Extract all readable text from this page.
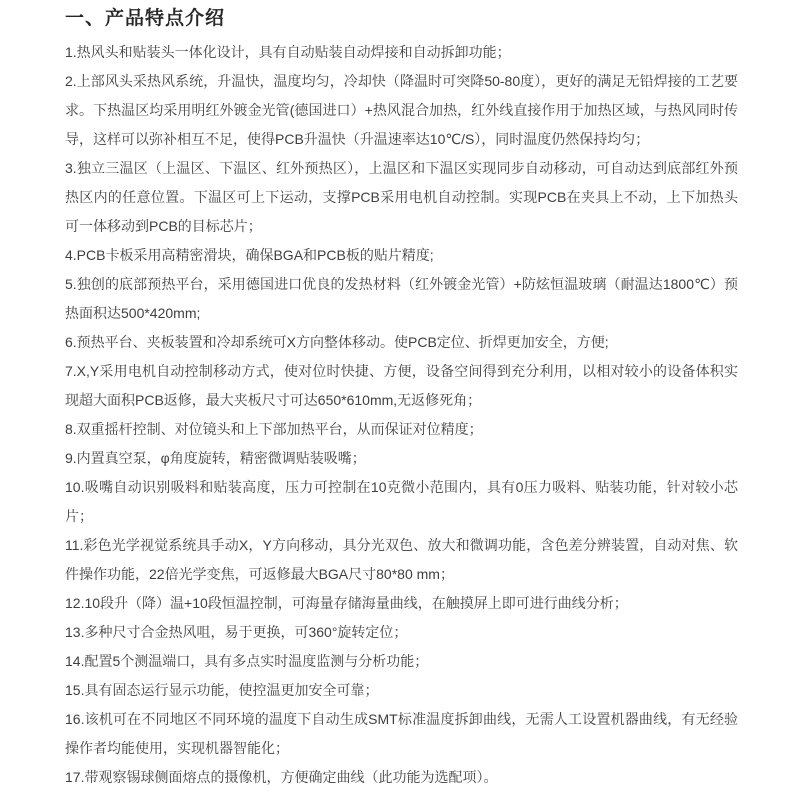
一、产品特点介绍

1.热风头和贴装头一体化设计，具有自动贴装自动焊接和自动拆卸功能；

2.上部风头采热风系统，升温快，温度均匀，冷却快（降温时可突降50-80度），更好的满足无铅焊接的工艺要求。下热温区均采用明红外镀金光管(德国进口）+热风混合加热，红外线直接作用于加热区域，与热风同时传导，这样可以弥补相互不足，使得PCB升温快（升温速率达10℃/S），同时温度仍然保持均匀；

3.独立三温区（上温区、下温区、红外预热区），上温区和下温区实现同步自动移动，可自动达到底部红外预热区内的任意位置。下温区可上下运动，支撑PCB采用电机自动控制。实现PCB在夹具上不动，上下加热头可一体移动到PCB的目标芯片；

4.PCB卡板采用高精密滑块，确保BGA和PCB板的贴片精度;

5.独创的底部预热平台，采用德国进口优良的发热材料（红外镀金光管）+防炫恒温玻璃（耐温达1800℃）预热面积达500*420mm;

6.预热平台、夹板装置和冷却系统可X方向整体移动。使PCB定位、折焊更加安全，方便;

7.X,Y采用电机自动控制移动方式，使对位时快捷、方便，设备空间得到充分利用，以相对较小的设备体积实现超大面积PCB返修，最大夹板尺寸可达650*610mm,无返修死角；

8.双重摇杆控制、对位镜头和上下部加热平台，从而保证对位精度；

9.内置真空泵，φ角度旋转，精密微调贴装吸嘴；

10.吸嘴自动识别吸料和贴装高度，压力可控制在10克微小范围内，具有0压力吸料、贴装功能，针对较小芯片；

11.彩色光学视觉系统具手动X，Y方向移动，具分光双色、放大和微调功能，含色差分辨装置，自动对焦、软件操作功能，22倍光学变焦，可返修最大BGA尺寸80*80 mm；

12.10段升（降）温+10段恒温控制，可海量存储海量曲线，在触摸屏上即可进行曲线分析；

13.多种尺寸合金热风咀，易于更换，可360°旋转定位；

14.配置5个测温端口，具有多点实时温度监测与分析功能；

15.具有固态运行显示功能，使控温更加安全可靠；

16.该机可在不同地区不同环境的温度下自动生成SMT标准温度拆卸曲线，无需人工设置机器曲线，有无经验操作者均能使用，实现机器智能化；

17.带观察锡球侧面熔点的摄像机，方便确定曲线（此功能为选配项）。
